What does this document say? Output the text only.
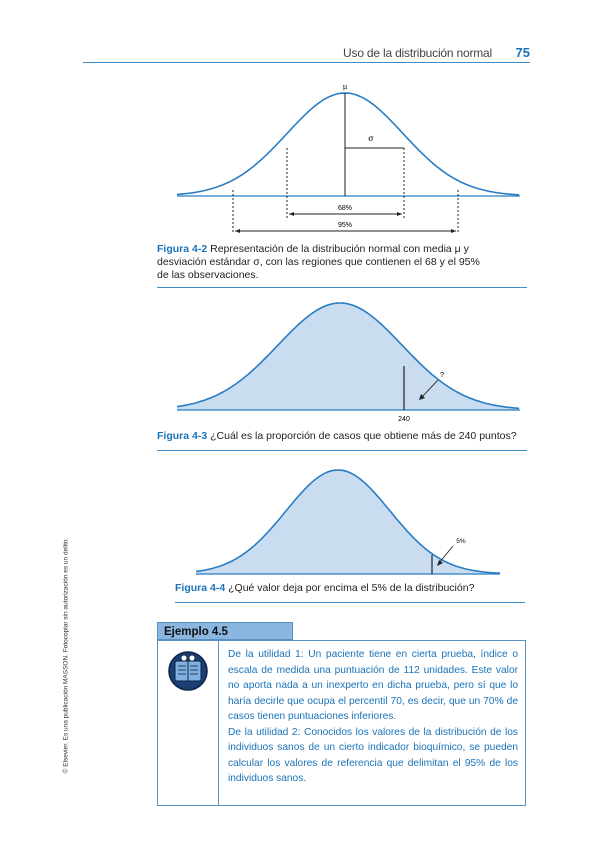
Uso de la distribución normal 75
© Elsevier. Es una publicación MASSON. Fotocopiar sin autorización es un delito.
μ
σ
68%
95%
?
240
5%
Figura 4-2 Representación de la distribución normal con media μ y
desviación estándar σ, con las regiones que contienen el 68 y el 95%
de las observaciones.
Figura 4-3 ¿Cuál es la proporción de casos que obtiene más de 240 puntos?
Figura 4-4 ¿Qué valor deja por encima el 5% de la distribución?
Ejemplo 4.5

De la utilidad 1: Un paciente tiene en cierta prueba, índice o escala de medida una puntuación de 112 unidades. Este valor no aporta nada a un inexperto en dicha prueba, pero sí que lo haría decirle que ocupa el percentil 70, es decir, que un 70% de casos tienen puntuaciones inferiores.

De la utilidad 2: Conocidos los valores de la distribución de los individuos sanos de un cierto indicador bioquímico, se pueden calcular los valores de referencia que delimitan el 95% de los individuos sanos.
